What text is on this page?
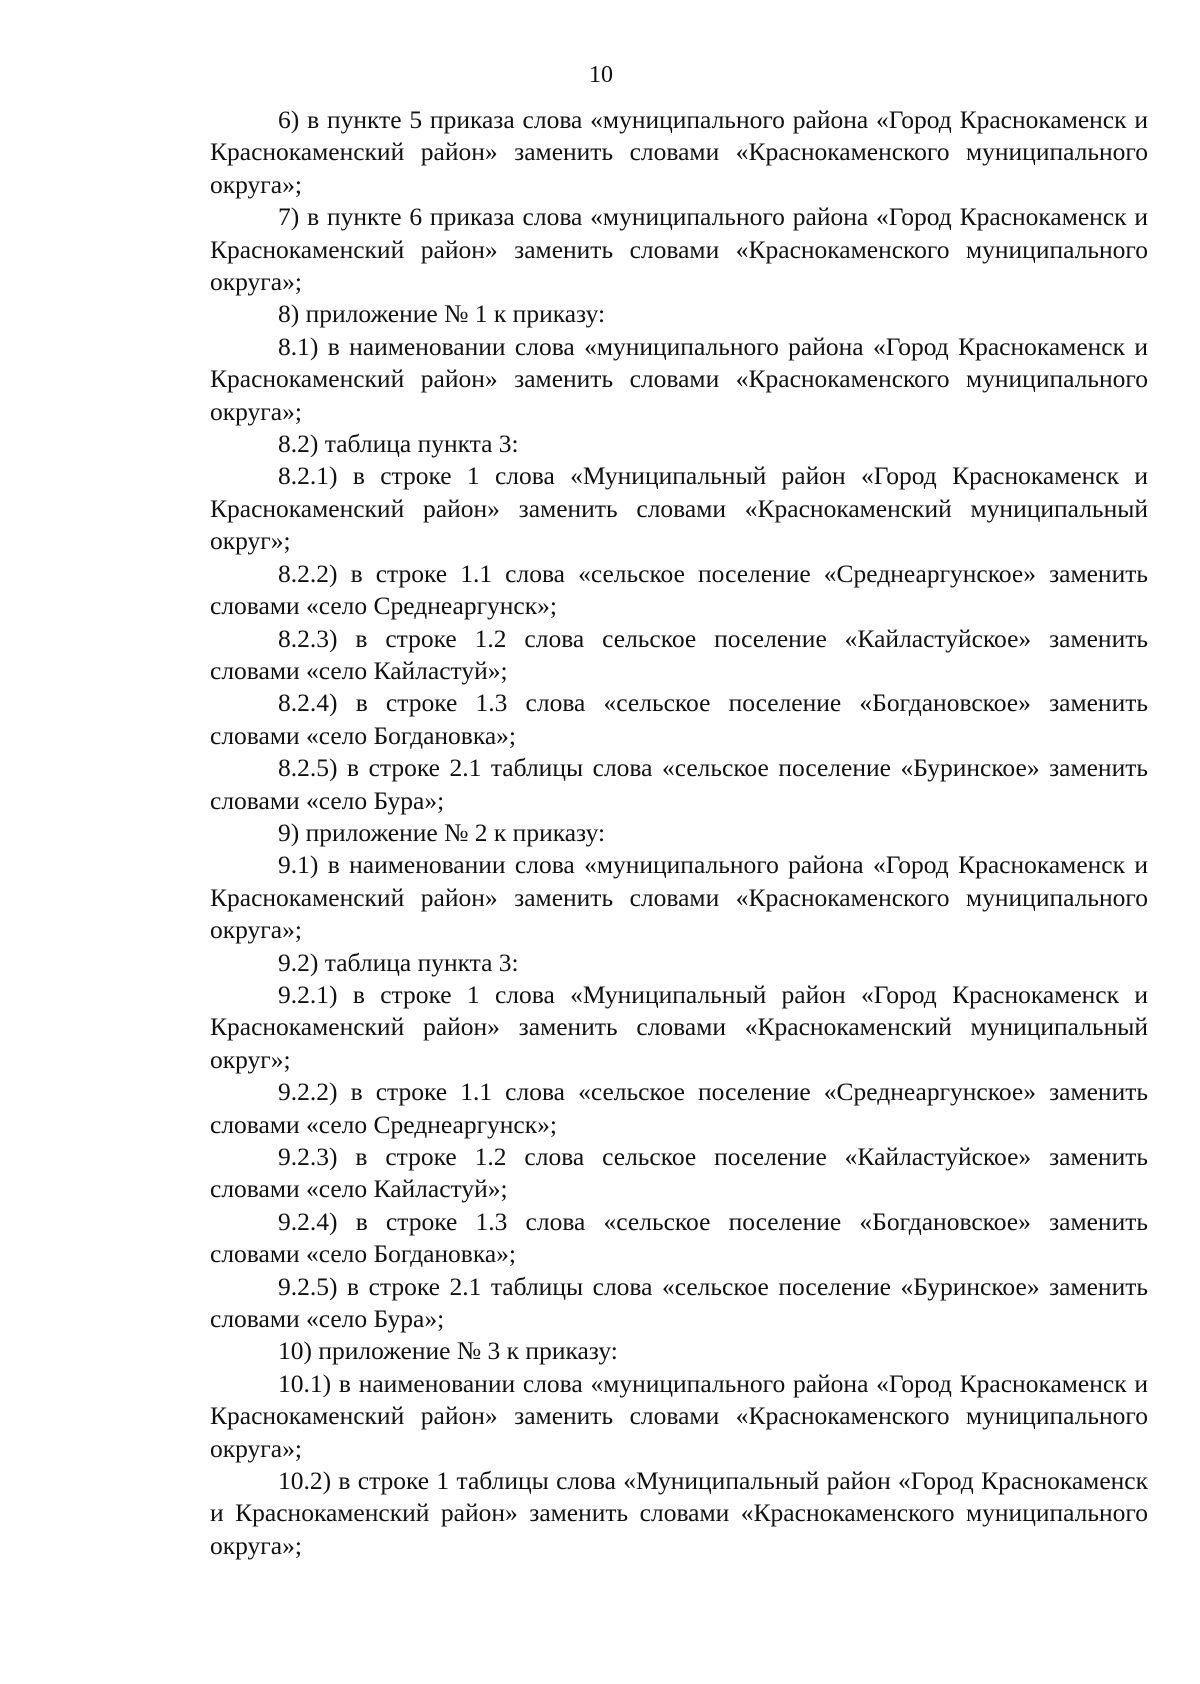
10

6) в пункте 5 приказа слова «муниципального района «Город Краснокаменск и Краснокаменский район» заменить словами «Краснокаменского муниципального округа»;

7) в пункте 6 приказа слова «муниципального района «Город Краснокаменск и Краснокаменский район» заменить словами «Краснокаменского муниципального округа»;

8) приложение № 1 к приказу:

8.1) в наименовании слова «муниципального района «Город Краснокаменск и Краснокаменский район» заменить словами «Краснокаменского муниципального округа»;

8.2) таблица пункта 3:

8.2.1) в строке 1 слова «Муниципальный район «Город Краснокаменск и Краснокаменский район» заменить словами «Краснокаменский муниципальный округ»;

8.2.2) в строке 1.1 слова «сельское поселение «Среднеаргунское» заменить словами «село Среднеаргунск»;

8.2.3) в строке 1.2 слова сельское поселение «Кайластуйское» заменить словами «село Кайластуй»;

8.2.4) в строке 1.3 слова «сельское поселение «Богдановское» заменить словами «село Богдановка»;

8.2.5) в строке 2.1 таблицы слова «сельское поселение «Буринское» заменить словами «село Бура»;

9) приложение № 2 к приказу:

9.1) в наименовании слова «муниципального района «Город Краснокаменск и Краснокаменский район» заменить словами «Краснокаменского муниципального округа»;

9.2) таблица пункта 3:

9.2.1) в строке 1 слова «Муниципальный район «Город Краснокаменск и Краснокаменский район» заменить словами «Краснокаменский муниципальный округ»;

9.2.2) в строке 1.1 слова «сельское поселение «Среднеаргунское» заменить словами «село Среднеаргунск»;

9.2.3) в строке 1.2 слова сельское поселение «Кайластуйское» заменить словами «село Кайластуй»;

9.2.4) в строке 1.3 слова «сельское поселение «Богдановское» заменить словами «село Богдановка»;

9.2.5) в строке 2.1 таблицы слова «сельское поселение «Буринское» заменить словами «село Бура»;

10) приложение № 3 к приказу:

10.1) в наименовании слова «муниципального района «Город Краснокаменск и Краснокаменский район» заменить словами «Краснокаменского муниципального округа»;

10.2) в строке 1 таблицы слова «Муниципальный район «Город Краснокаменск и Краснокаменский район» заменить словами «Краснокаменского муниципального округа»;
